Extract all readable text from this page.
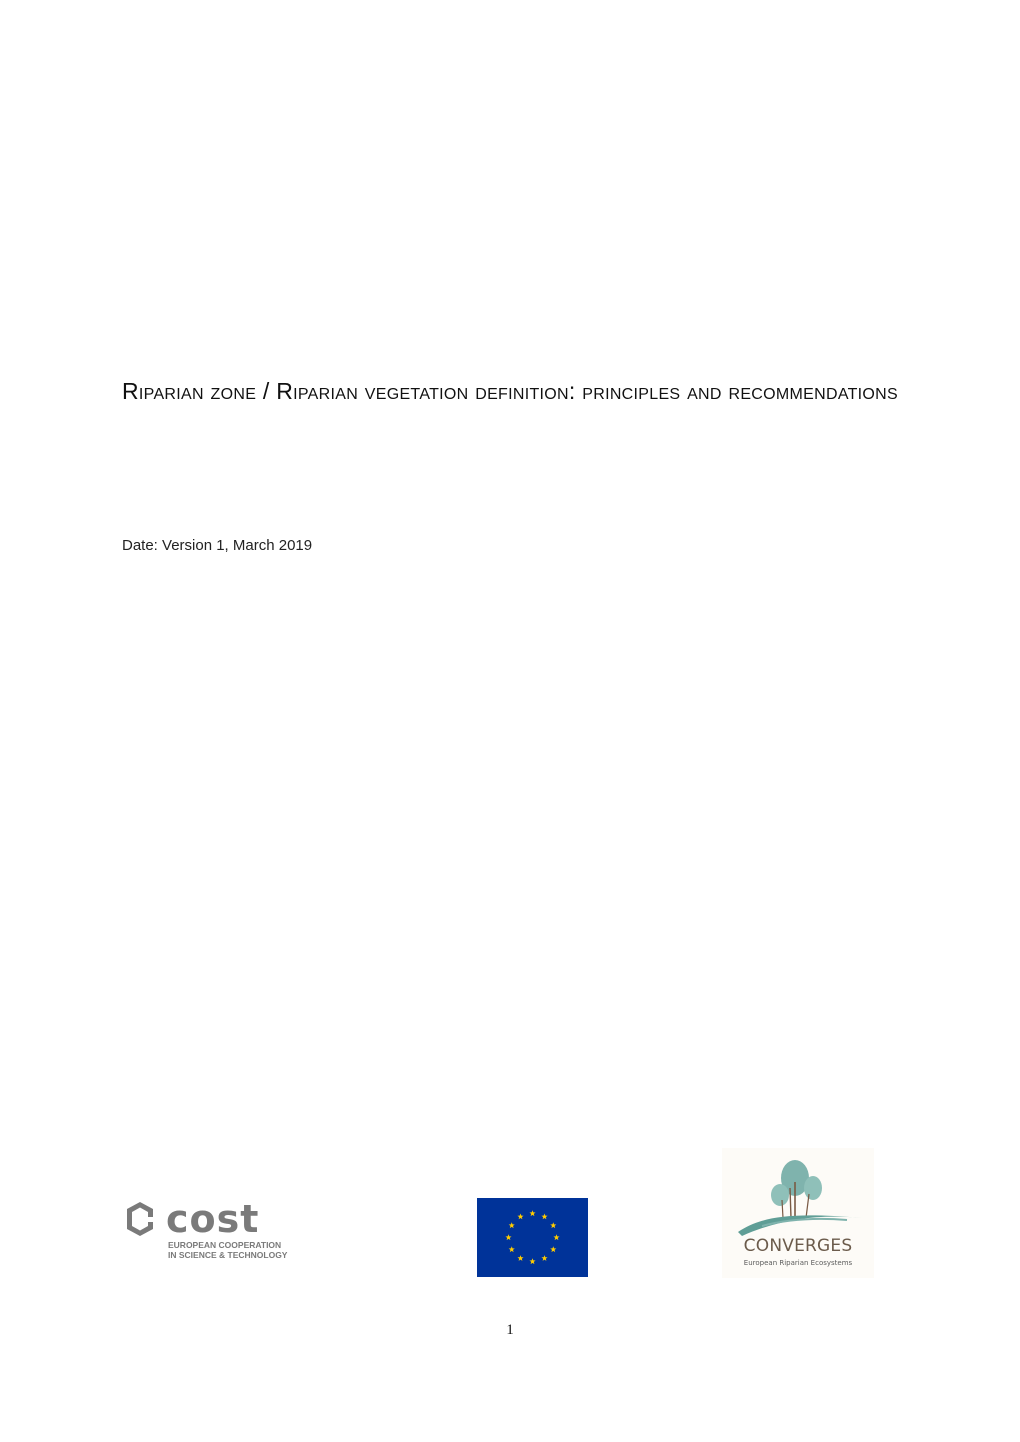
Riparian zone / Riparian vegetation definition: principles and recommendations
Date: Version 1, March 2019
cost
EUROPEAN COOPERATION
IN SCIENCE & TECHNOLOGY	CONVERGES
European Riparian Ecosystems
1
